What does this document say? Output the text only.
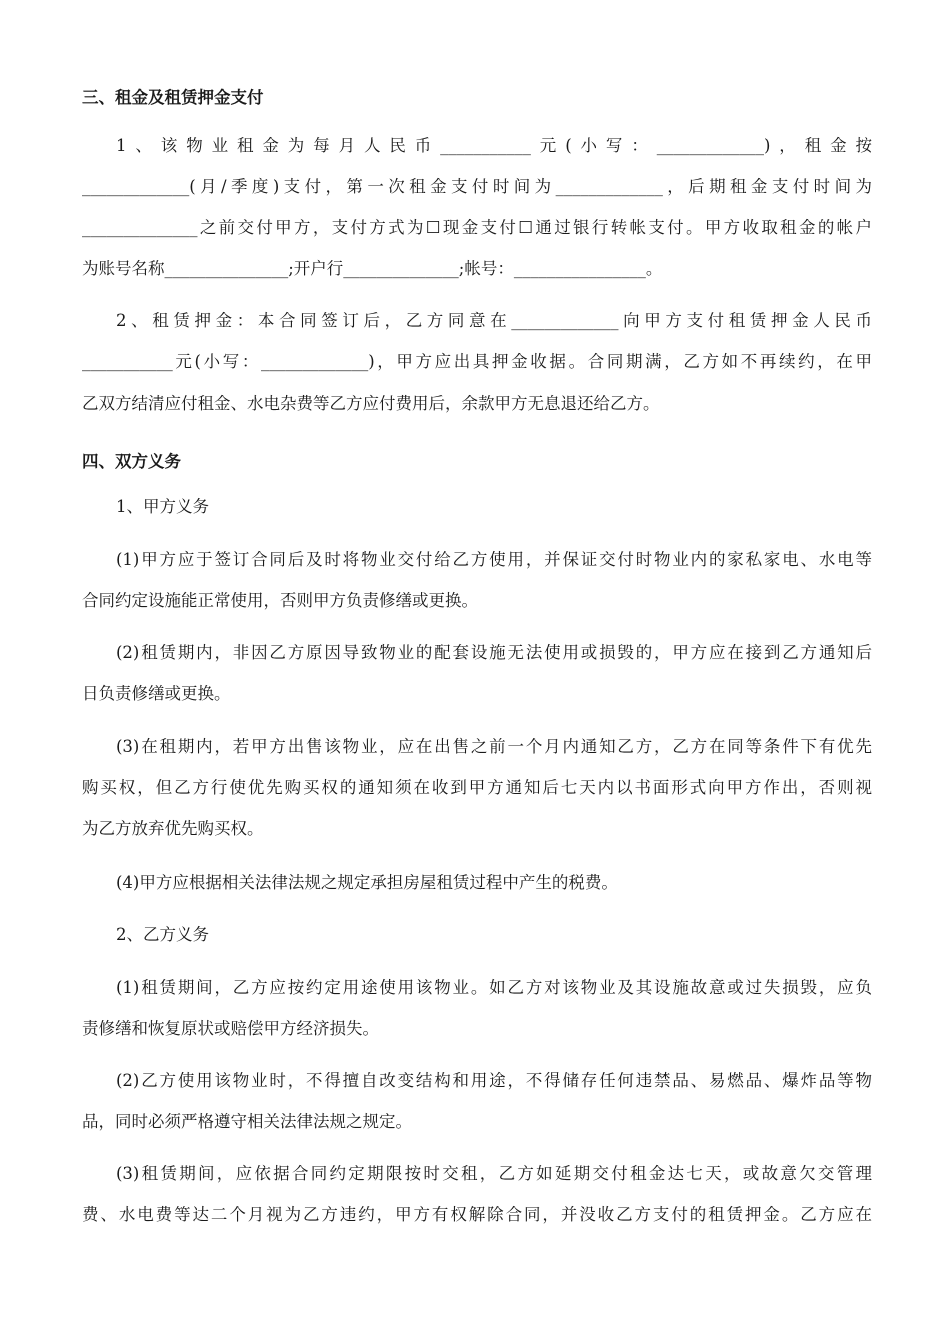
三、租金及租赁押金支付
1、该物业租金为每月人民币___________元(小写：_____________)，租金按
_____________(月/季度)支付，第一次租金支付时间为_____________，后期租金支付时间为
______________之前交付甲方，支付方式为☐现金支付☐通过银行转帐支付。甲方收取租金的帐户
为账号名称_______________;开户行______________;帐号：________________。
2、租赁押金：本合同签订后，乙方同意在_____________向甲方支付租赁押金人民币
___________元(小写：_____________)，甲方应出具押金收据。合同期满，乙方如不再续约，在甲
乙双方结清应付租金、水电杂费等乙方应付费用后，余款甲方无息退还给乙方。
四、双方义务
1、甲方义务
(1)甲方应于签订合同后及时将物业交付给乙方使用，并保证交付时物业内的家私家电、水电等
合同约定设施能正常使用，否则甲方负责修缮或更换。
(2)租赁期内，非因乙方原因导致物业的配套设施无法使用或损毁的，甲方应在接到乙方通知后
日负责修缮或更换。
(3)在租期内，若甲方出售该物业，应在出售之前一个月内通知乙方，乙方在同等条件下有优先
购买权，但乙方行使优先购买权的通知须在收到甲方通知后七天内以书面形式向甲方作出，否则视
为乙方放弃优先购买权。
(4)甲方应根据相关法律法规之规定承担房屋租赁过程中产生的税费。
2、乙方义务
(1)租赁期间，乙方应按约定用途使用该物业。如乙方对该物业及其设施故意或过失损毁，应负
责修缮和恢复原状或赔偿甲方经济损失。
(2)乙方使用该物业时，不得擅自改变结构和用途，不得储存任何违禁品、易燃品、爆炸品等物
品，同时必须严格遵守相关法律法规之规定。
(3)租赁期间，应依据合同约定期限按时交租，乙方如延期交付租金达七天，或故意欠交管理
费、水电费等达二个月视为乙方违约，甲方有权解除合同，并没收乙方支付的租赁押金。乙方应在
